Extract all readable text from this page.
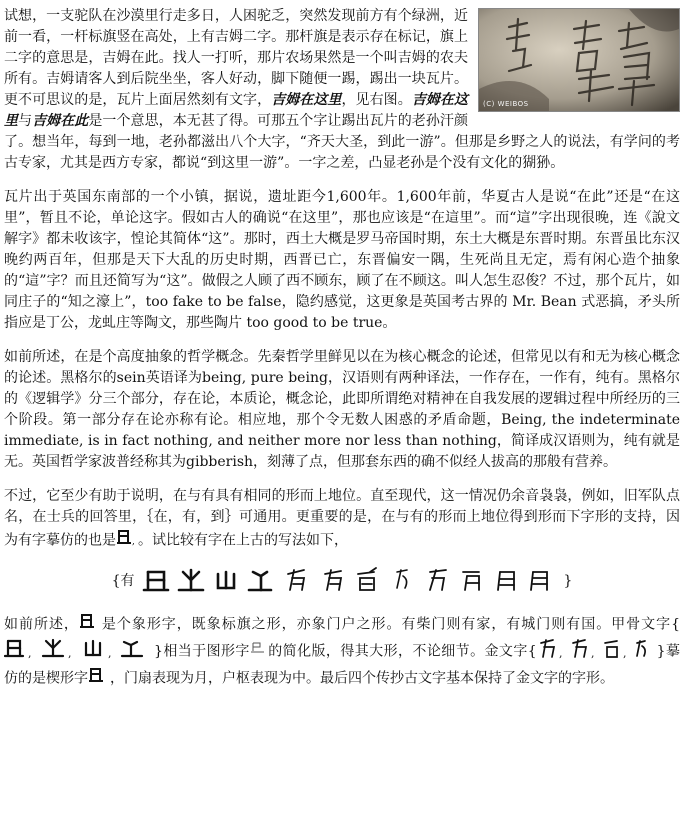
(C) WEIBOS
试想，一支驼队在沙漠里行走多日，人困驼乏，突然发现前方有个绿洲，近前一看，一杆标旗竖在高处，上有吉姆二字。那杆旗是表示存在标记，旗上二字的意思是，吉姆在此。找人一打听，那片农场果然是一个叫吉姆的农夫所有。吉姆请客人到后院坐坐，客人好动，脚下随便一踢，踢出一块瓦片。更不可思议的是，瓦片上面居然刻有文字，吉姆在这里，见右图。吉姆在这里与吉姆在此是一个意思，本无甚了得。可那五个字让踢出瓦片的老孙汗颜了。想当年，每到一地，老孙都滋出八个大字，“齐天大圣，到此一游”。但那是乡野之人的说法，有学问的考古专家，尤其是西方专家，都说“到这里一游”。一字之差，凸显老孙是个没有文化的猢狲。

瓦片出于英国东南部的一个小镇，据说，遗址距今1,600年。1,600年前，华夏古人是说“在此”还是“在这里”，暂且不论，单论这字。假如古人的确说“在这里”，那也应该是“在這里”。而“這”字出现很晚，连《說文解字》都未收该字，惶论其简体“这”。那时，西土大概是罗马帝国时期，东土大概是东晋时期。东晋虽比东汉晚约两百年，但那是天下大乱的历史时期，西晋已亡，东晋偏安一隅，生死尚且无定，焉有闲心造个抽象的“這”字？而且还简写为“这”。做假之人顾了西不顾东，顾了在不顾这。叫人怎生忍俊？不过，那个瓦片，如同庄子的“知之濠上”，too fake to be false，隐约感觉，这更象是英国考古界的 Mr. Bean 式恶搞，矛头所指应是丁公，龙虬庄等陶文，那些陶片 too good to be true。

如前所述，在是个高度抽象的哲学概念。先秦哲学里鲜见以在为核心概念的论述，但常见以有和无为核心概念的论述。黑格尔的sein英语译为being, pure being，汉语则有两种译法，一作存在，一作有，纯有。黑格尔的《逻辑学》分三个部分，存在论，本质论，概念论，此即所谓绝对精神在自我发展的逻辑过程中所经历的三个阶段。第一部分存在论亦称有论。相应地，那个令无数人困惑的矛盾命题，Being, the indeterminate immediate, is in fact nothing, and neither more nor less than nothing，简译成汉语则为，纯有就是无。英国哲学家波普经称其为gibberish，刻薄了点，但那套东西的确不似经人拔高的那般有营养。

不过，它至少有助于说明，在与有具有相同的形而上地位。直至现代，这一情况仍余音袅袅，例如，旧军队点名，在士兵的回答里，｛在，有，到｝可通用。更重要的是，在与有的形而上地位得到形而下字形的支持，因为有字摹仿的也是 , 。试比较有字在上古的写法如下，

{有	}

如前所述， 是个象形字，既象标旗之形，亦象门户之形。有柴门则有家，有城门则有国。甲骨文字{
,	,	,	}相当于图形字 的简化版，得其大形，不论细节。金文字{ ,	,	, }摹仿的是楔形字 ，门扇表现为月，户枢表现为中。最后四个传抄古文字基本保持了金文字的字形。
